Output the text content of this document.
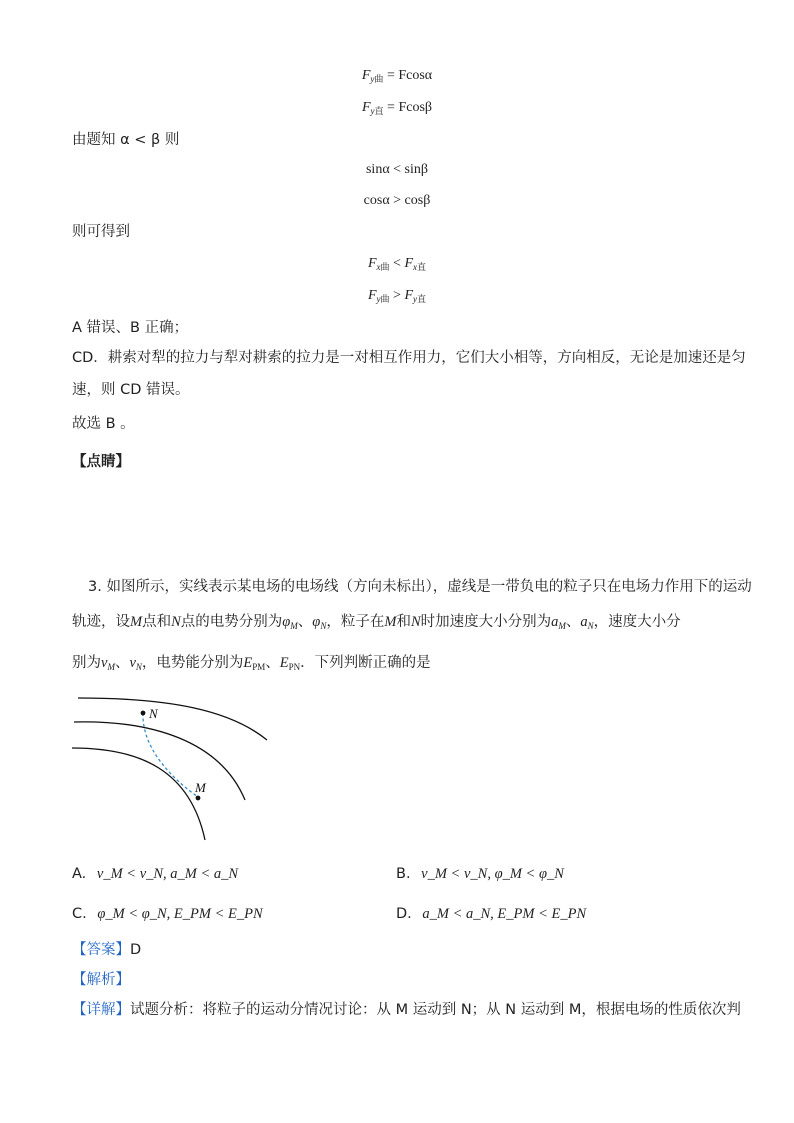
$F_{y曲} = Fcos\alpha$
$F_{y直} = Fcos\beta$
由题知 α < β 则
sinα < sinβ
cosα > cosβ
则可得到
$F_{x曲} < F_{x直}$
$F_{y曲} > F_{y直}$
A 错误、B 正确；
CD．耕索对犁的拉力与犁对耕索的拉力是一对相互作用力，它们大小相等，方向相反，无论是加速还是匀
速，则 CD 错误。
故选 B 。
【点睛】
3. 如图所示，实线表示某电场的电场线（方向未标出），虚线是一带负电的粒子只在电场力作用下的运动
轨迹，设M点和N点的电势分别为$\varphi_M$、$\varphi_N$，粒子在M和N时加速度大小分别为$a_M$、$a_N$，速度大小分
别为$v_M$、$v_N$，电势能分别为$E_{PM}$、$E_{PN}$．下列判断正确的是
N
M
A. v_M < v_N, a_M < a_N	B. v_M < v_N, φ_M < φ_N
C. φ_M < φ_N, E_PM < E_PN	D. a_M < a_N, E_PM < E_PN
【答案】D
【解析】
【详解】试题分析：将粒子的运动分情况讨论：从 M 运动到 N；从 N 运动到 M，根据电场的性质依次判
